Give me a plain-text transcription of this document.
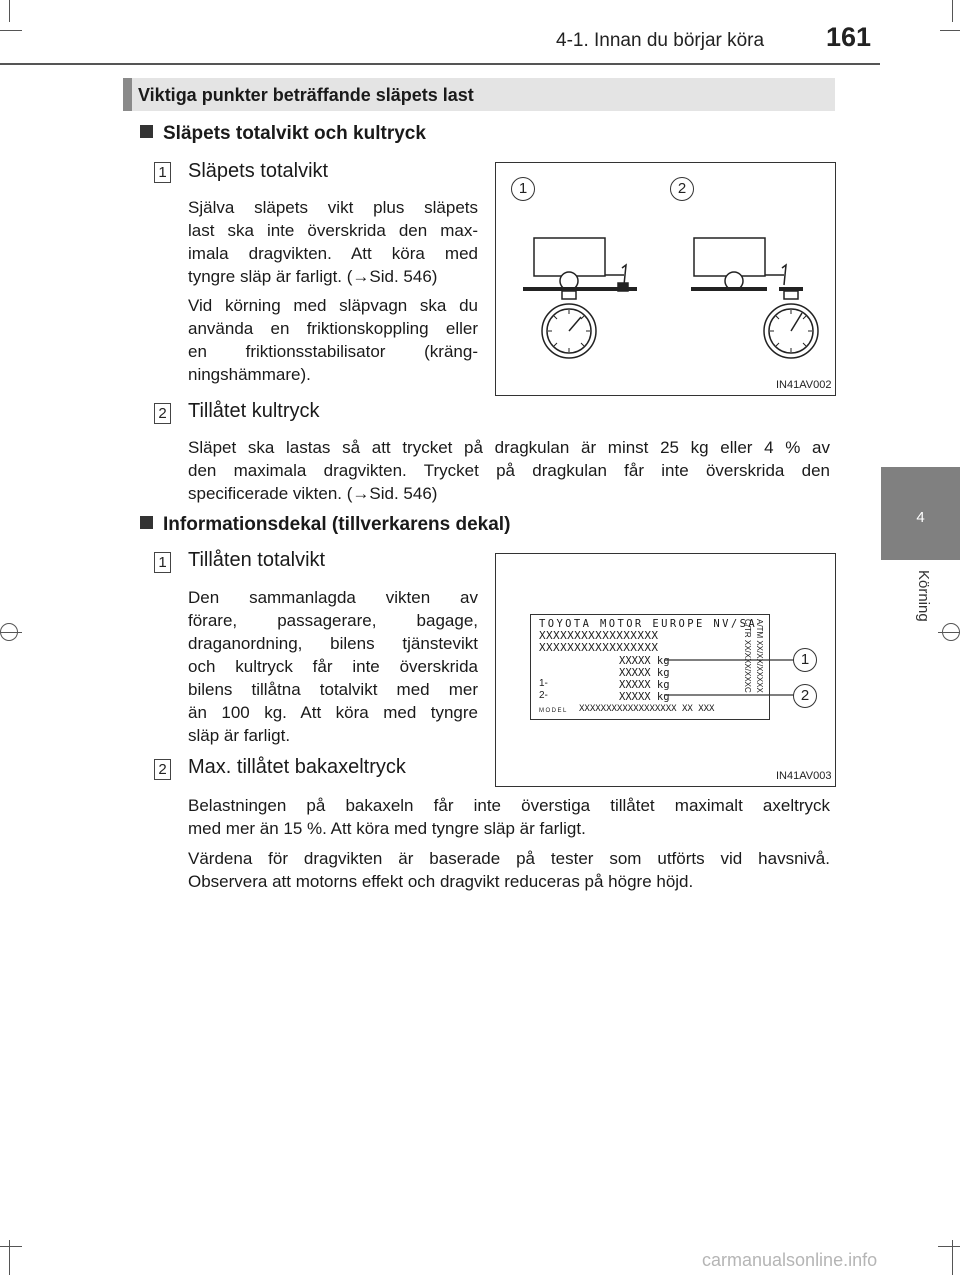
4-1. Innan du börjar köra 161
4
Körning
Viktiga punkter beträffande släpets last
Släpets totalvikt och kultryck
1 Släpets totalvikt
Själva släpets vikt plus släpets
last ska inte överskrida den max-
imala dragvikten. Att köra med
tyngre släp är farligt. (→Sid. 546)
Vid körning med släpvagn ska du
använda en friktionskoppling eller
en friktionsstabilisator (kräng-
ningshämmare).
1	2
IN41AV002
2 Tillåtet kultryck
Släpet ska lastas så att trycket på dragkulan är minst 25 kg eller 4 % av
den maximala dragvikten. Trycket på dragkulan får inte överskrida den
specificerade vikten. (→Sid. 546)
Informationsdekal (tillverkarens dekal)
1 Tillåten totalvikt
Den sammanlagda vikten av
förare, passagerare, bagage,
draganordning, bilens tjänstevikt
och kultryck får inte överskrida
bilens tillåtna totalvikt med mer
än 100 kg. Att köra med tyngre
släp är farligt.
TOYOTA MOTOR EUROPE NV/SA
XXXXXXXXXXXXXXXXX
XXXXXXXXXXXXXXXXX
XXXXX kg
XXXXX kg
1-	XXXXX kg
2-	XXXXX kg
MODEL XXXXXXXXXXXXXXXXXX XX XXX
C/TR XX/XXX/XXXC A/TM XX/XX/XXXXX	1
2
IN41AV003
2 Max. tillåtet bakaxeltryck
Belastningen på bakaxeln får inte överstiga tillåtet maximalt axeltryck
med mer än 15 %. Att köra med tyngre släp är farligt.
Värdena för dragvikten är baserade på tester som utförts vid havsnivå.
Observera att motorns effekt och dragvikt reduceras på högre höjd.
carmanualsonline.info
